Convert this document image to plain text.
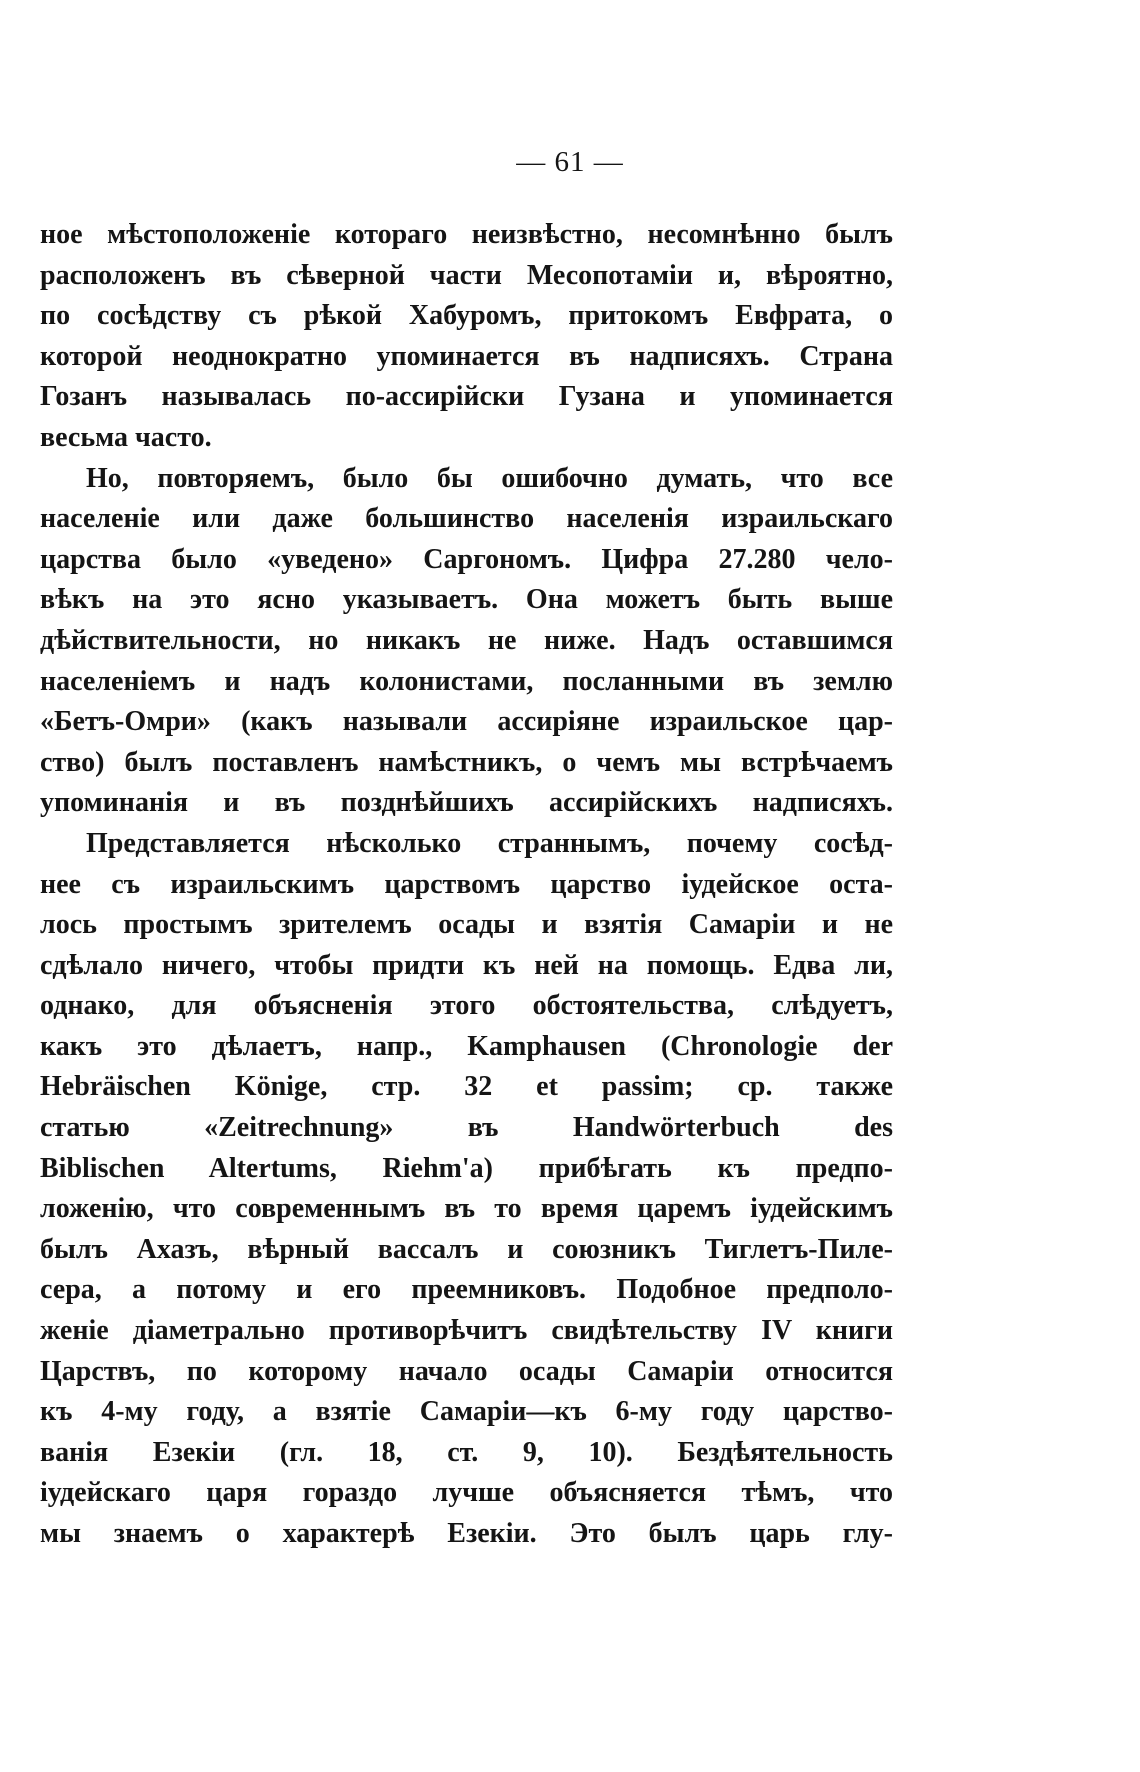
— 61 —
ное мѣстоположеніе котораго неизвѣстно, несомнѣнно былъ
расположенъ въ сѣверной части Месопотаміи и, вѣроятно,
по сосѣдству съ рѣкой Хабуромъ, притокомъ Евфрата, о
которой неоднократно упоминается въ надписяхъ. Страна
Гозанъ называлась по-ассирійски Гузана и упоминается
весьма часто.
Но, повторяемъ, было бы ошибочно думать, что все
населеніе или даже большинство населенія израильскаго
царства было «уведено» Саргономъ. Цифра 27.280 чело-
вѣкъ на это ясно указываетъ. Она можетъ быть выше
дѣйствительности, но никакъ не ниже. Надъ оставшимся
населеніемъ и надъ колонистами, посланными въ землю
«Бетъ-Омри» (какъ называли ассиріяне израильское цар-
ство) былъ поставленъ намѣстникъ, о чемъ мы встрѣчаемъ
упоминанія и въ позднѣйшихъ ассирійскихъ надписяхъ.
Представляется нѣсколько страннымъ, почему сосѣд-
нее съ израильскимъ царствомъ царство іудейское оста-
лось простымъ зрителемъ осады и взятія Самаріи и не
сдѣлало ничего, чтобы придти къ ней на помощь. Едва ли,
однако, для объясненія этого обстоятельства, слѣдуетъ,
какъ это дѣлаетъ, напр., Kamphausen (Chronologie der
Hebräischen Könige, стр. 32 et passim; ср. также
статью «Zeitrechnung» въ Handwörterbuch des
Biblischen Altertums, Riehm'a) прибѣгать къ предпо-
ложенію, что современнымъ въ то время царемъ іудейскимъ
былъ Ахазъ, вѣрный вассалъ и союзникъ Тиглетъ-Пиле-
сера, а потому и его преемниковъ. Подобное предполо-
женіе діаметрально противорѣчитъ свидѣтельству IV книги
Царствъ, по которому начало осады Самаріи относится
къ 4-му году, а взятіе Самаріи—къ 6-му году царство-
ванія Езекіи (гл. 18, ст. 9, 10). Бездѣятельность
іудейскаго царя гораздо лучше объясняется тѣмъ, что
мы знаемъ о характерѣ Езекіи. Это былъ царь глу-
